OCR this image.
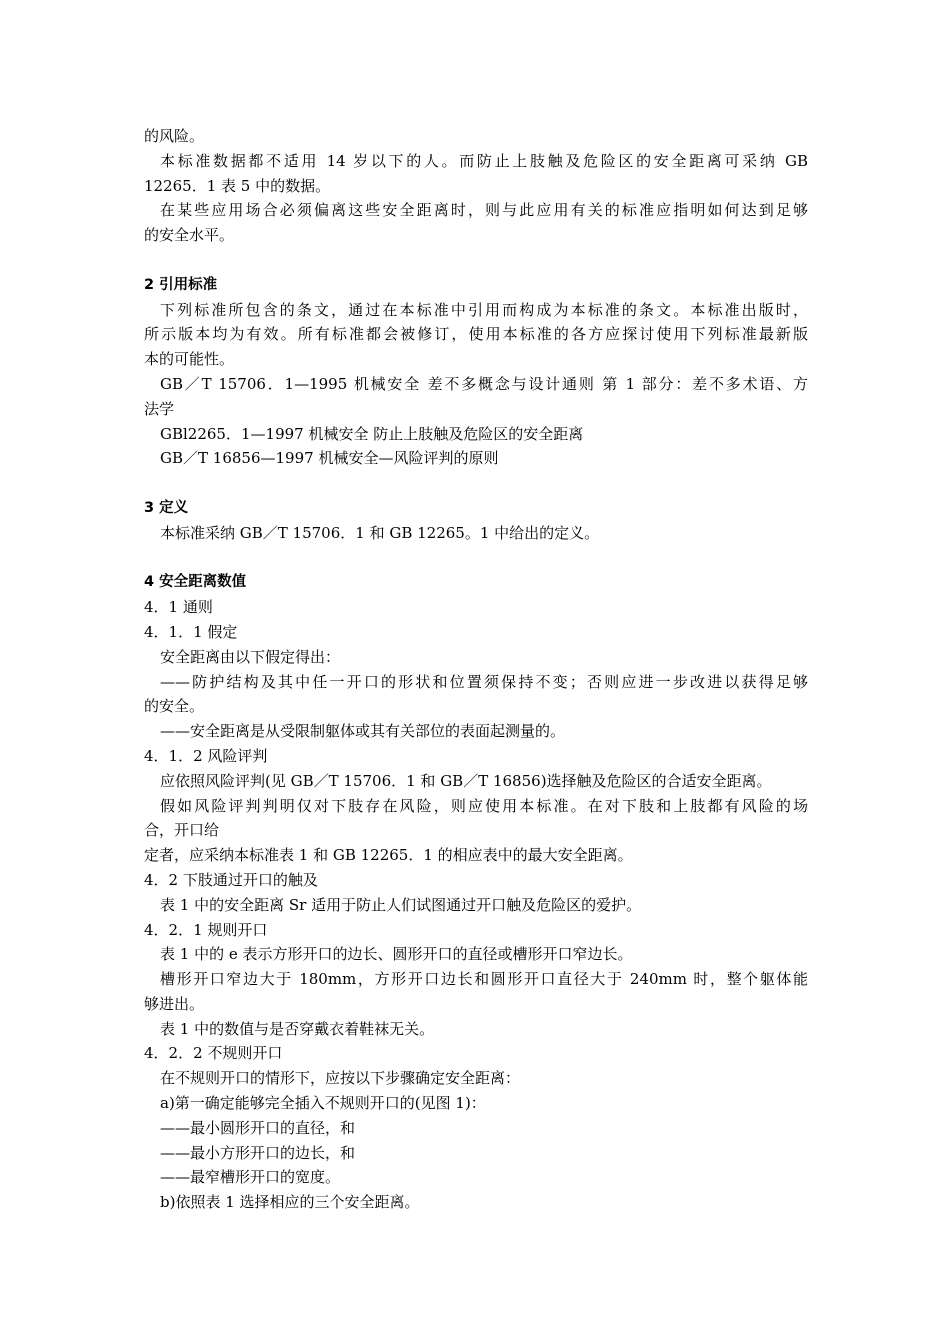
的风险。

本标准数据都不适用 14 岁以下的人。而防止上肢触及危险区的安全距离可采纳 GB

12265．1 表 5 中的数据。

在某些应用场合必须偏离这些安全距离时，则与此应用有关的标准应指明如何达到足够

的安全水平。

2 引用标准

下列标准所包含的条文，通过在本标准中引用而构成为本标准的条文。本标准出版时，

所示版本均为有效。所有标准都会被修订，使用本标准的各方应探讨使用下列标准最新版

本的可能性。

GB／T 15706．1—1995 机械安全 差不多概念与设计通则 第 1 部分：差不多术语、方

法学

GBl2265．1—1997 机械安全 防止上肢触及危险区的安全距离

GB／T 16856—1997 机械安全—风险评判的原则

3 定义

本标准采纳 GB／T 15706．1 和 GB 12265。1 中给出的定义。

4 安全距离数值

4．1 通则

4．1．1 假定

安全距离由以下假定得出：

——防护结构及其中任一开口的形状和位置须保持不变；否则应进一步改进以获得足够

的安全。

——安全距离是从受限制躯体或其有关部位的表面起测量的。

4．1．2 风险评判

应依照风险评判(见 GB／T 15706．1 和 GB／T 16856)选择触及危险区的合适安全距离。

假如风险评判判明仅对下肢存在风险，则应使用本标准。在对下肢和上肢都有风险的场

合，开口给

定者，应采纳本标准表 1 和 GB 12265．1 的相应表中的最大安全距离。

4．2 下肢通过开口的触及

表 1 中的安全距离 Sr 适用于防止人们试图通过开口触及危险区的爱护。

4．2．1 规则开口

表 1 中的 e 表示方形开口的边长、圆形开口的直径或槽形开口窄边长。

槽形开口窄边大于 180mm，方形开口边长和圆形开口直径大于 240mm 时，整个躯体能

够进出。

表 1 中的数值与是否穿戴衣着鞋袜无关。

4．2．2 不规则开口

在不规则开口的情形下，应按以下步骤确定安全距离：

a)第一确定能够完全插入不规则开口的(见图 1)：

——最小圆形开口的直径，和

——最小方形开口的边长，和

——最窄槽形开口的宽度。

b)依照表 1 选择相应的三个安全距离。
